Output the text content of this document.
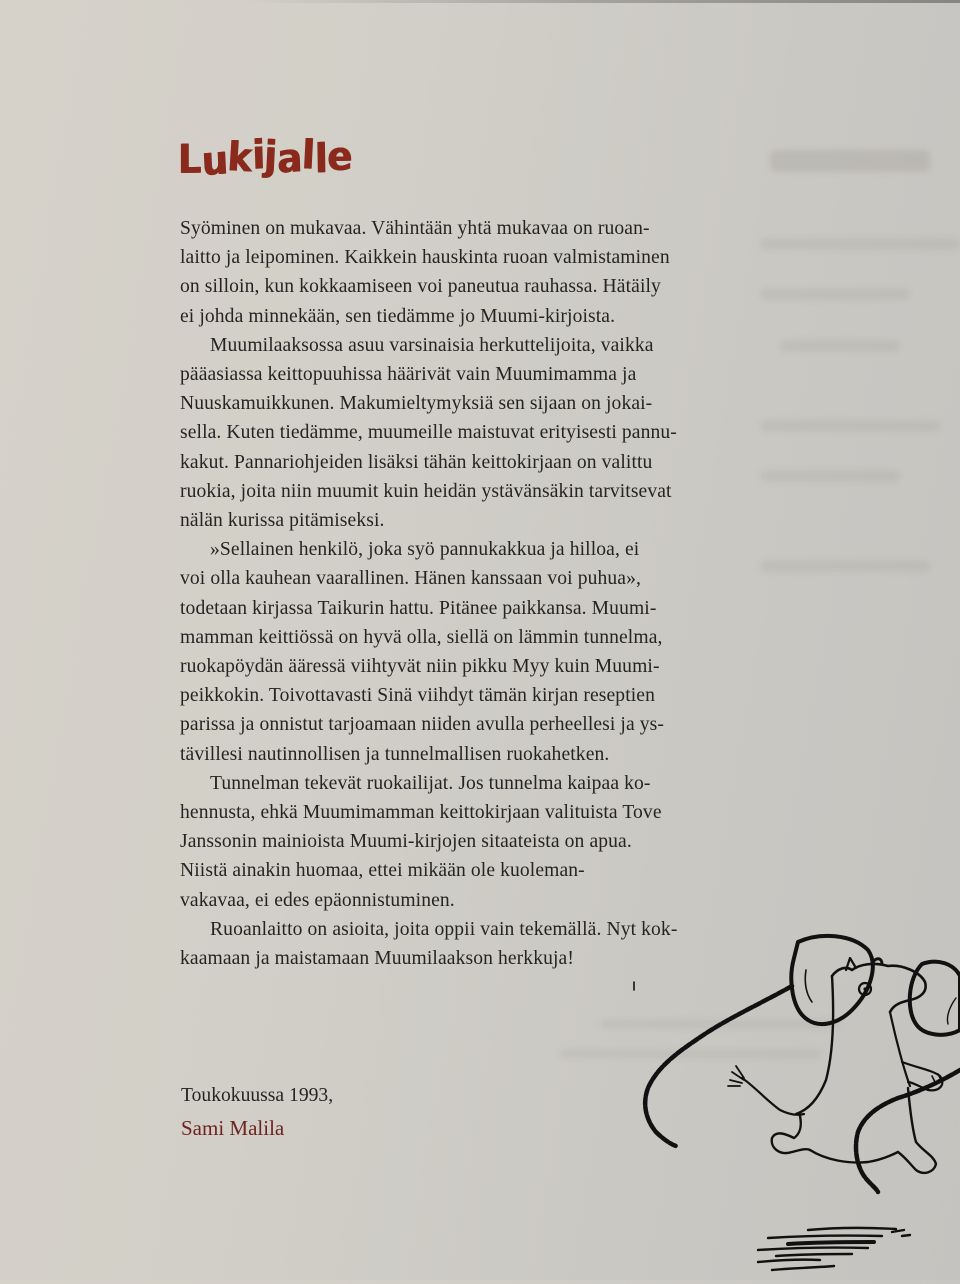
Lukijalle

Syöminen on mukavaa. Vähintään yhtä mukavaa on ruoan-
laitto ja leipominen. Kaikkein hauskinta ruoan valmistaminen
on silloin, kun kokkaamiseen voi paneutua rauhassa. Hätäily
ei johda minnekään, sen tiedämme jo Muumi-kirjoista.

Muumilaaksossa asuu varsinaisia herkuttelijoita, vaikka
pääasiassa keittopuuhissa häärivät vain Muumimamma ja
Nuuskamuikkunen. Makumieltymyksiä sen sijaan on jokai-
sella. Kuten tiedämme, muumeille maistuvat erityisesti pannu-
kakut. Pannariohjeiden lisäksi tähän keittokirjaan on valittu
ruokia, joita niin muumit kuin heidän ystävänsäkin tarvitsevat
nälän kurissa pitämiseksi.

»Sellainen henkilö, joka syö pannukakkua ja hilloa, ei
voi olla kauhean vaarallinen. Hänen kanssaan voi puhua»,
todetaan kirjassa Taikurin hattu. Pitänee paikkansa. Muumi-
mamman keittiössä on hyvä olla, siellä on lämmin tunnelma,
ruokapöydän ääressä viihtyvät niin pikku Myy kuin Muumi-
peikkokin. Toivottavasti Sinä viihdyt tämän kirjan reseptien
parissa ja onnistut tarjoamaan niiden avulla perheellesi ja ys-
tävillesi nautinnollisen ja tunnelmallisen ruokahetken.

Tunnelman tekevät ruokailijat. Jos tunnelma kaipaa ko-
hennusta, ehkä Muumimamman keittokirjaan valituista Tove
Janssonin mainioista Muumi-kirjojen sitaateista on apua.
Niistä ainakin huomaa, ettei mikään ole kuoleman-
vakavaa, ei edes epäonnistuminen.

Ruoanlaitto on asioita, joita oppii vain tekemällä. Nyt kok-
kaamaan ja maistamaan Muumilaakson herkkuja!

Toukokuussa 1993,
Sami Malila
